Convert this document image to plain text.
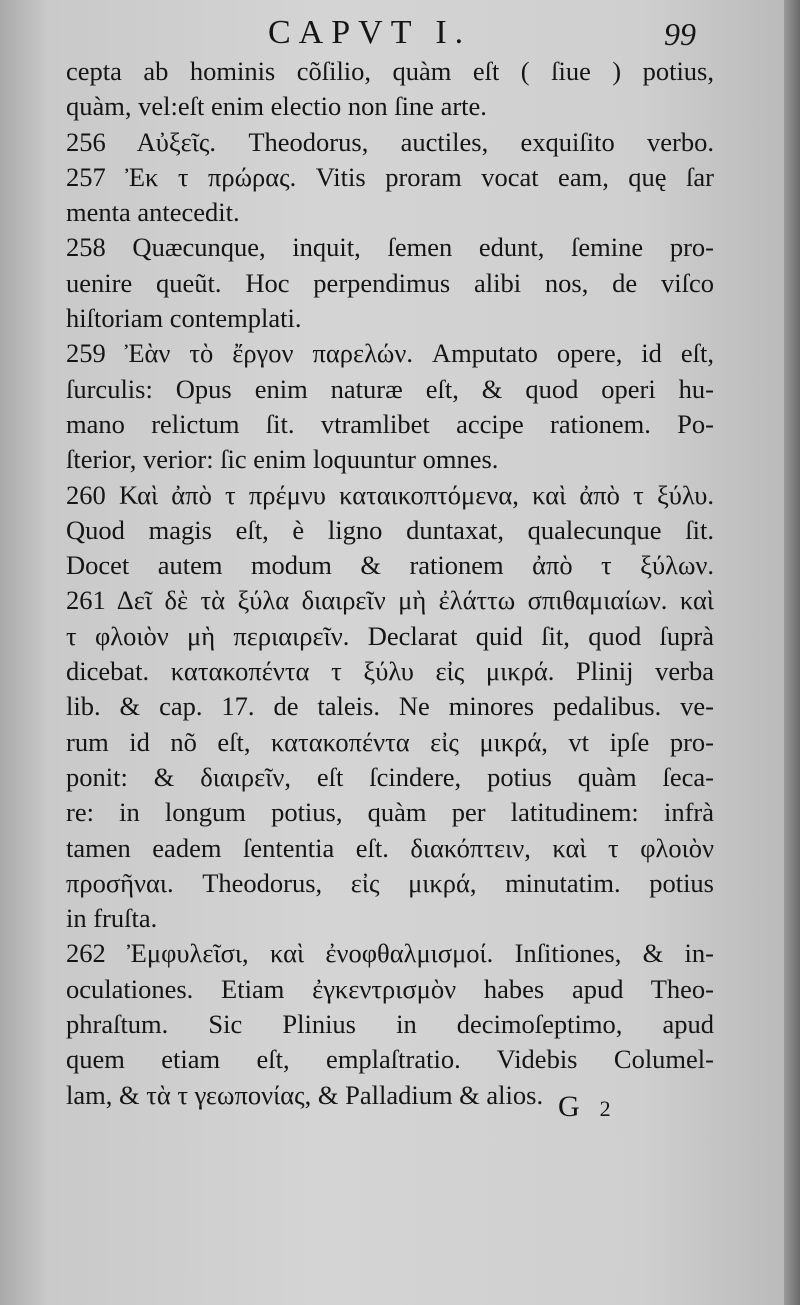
CAPVT I.	99
cepta ab hominis cõſilio, quàm eſt ( ſiue ) potius,
quàm, vel:eſt enim electio non ſine arte.
256 Αὐξεῖς. Theodorus, auctiles, exquiſito verbo.
257 Ἐκ τ πρώρας. Vitis proram vocat eam, quę ſar
menta antecedit.
258 Quæcunque, inquit, ſemen edunt, ſemine pro-
uenire queũt. Hoc perpendimus alibi nos, de viſco
hiſtoriam contemplati.
259 Ἐὰν τὸ ἔργον παρελών. Amputato opere, id eſt,
ſurculis: Opus enim naturæ eſt, & quod operi hu-
mano relictum ſit. vtramlibet accipe rationem. Po-
ſterior, verior: ſic enim loquuntur omnes.
260 Καὶ ἀπὸ τ πρέμνυ καταικοπτόμενα, καὶ ἀπὸ τ ξύλυ.
Quod magis eſt, è ligno duntaxat, qualecunque ſit.
Docet autem modum & rationem ἀπὸ τ ξύλων.
261 Δεῖ δὲ τὰ ξύλα διαιρεῖν μὴ ἐλάττω σπιθαμιαίων. καὶ
τ φλοιὸν μὴ περιαιρεῖν. Declarat quid ſit, quod ſuprà
dicebat. κατακοπέντα τ ξύλυ εἰς μικρά. Plinij verba
lib. & cap. 17. de taleis. Ne minores pedalibus. ve-
rum id nõ eſt, κατακοπέντα εἰς μικρά, vt ipſe pro-
ponit: & διαιρεῖν, eſt ſcindere, potius quàm ſeca-
re: in longum potius, quàm per latitudinem: infrà
tamen eadem ſententia eſt. διακόπτειν, καὶ τ φλοιὸν
προσῆναι. Theodorus, εἰς μικρά, minutatim. potius
in fruſta.
262 Ἐμφυλεῖσι, καὶ ἐνοφθαλμισμοί. Inſitiones, & in-
oculationes. Etiam ἐγκεντρισμὸν habes apud Theo-
phraſtum. Sic Plinius in decimoſeptimo, apud
quem etiam eſt, emplaſtratio. Videbis Columel-
lam, & τὰ τ γεωπονίας, & Palladium & alios. G 2
